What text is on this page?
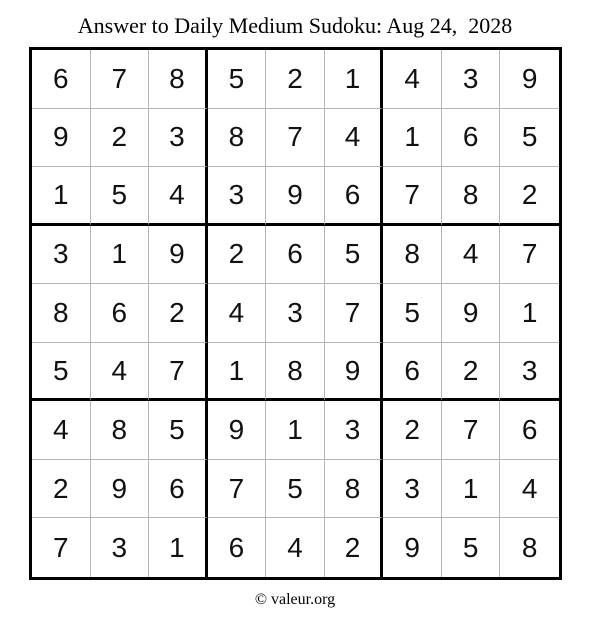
Answer to Daily Medium Sudoku: Aug 24,  2028
6	7	8	5	2	1	4	3	9
9	2	3	8	7	4	1	6	5
1	5	4	3	9	6	7	8	2
3	1	9	2	6	5	8	4	7
8	6	2	4	3	7	5	9	1
5	4	7	1	8	9	6	2	3
4	8	5	9	1	3	2	7	6
2	9	6	7	5	8	3	1	4
7	3	1	6	4	2	9	5	8
© valeur.org
